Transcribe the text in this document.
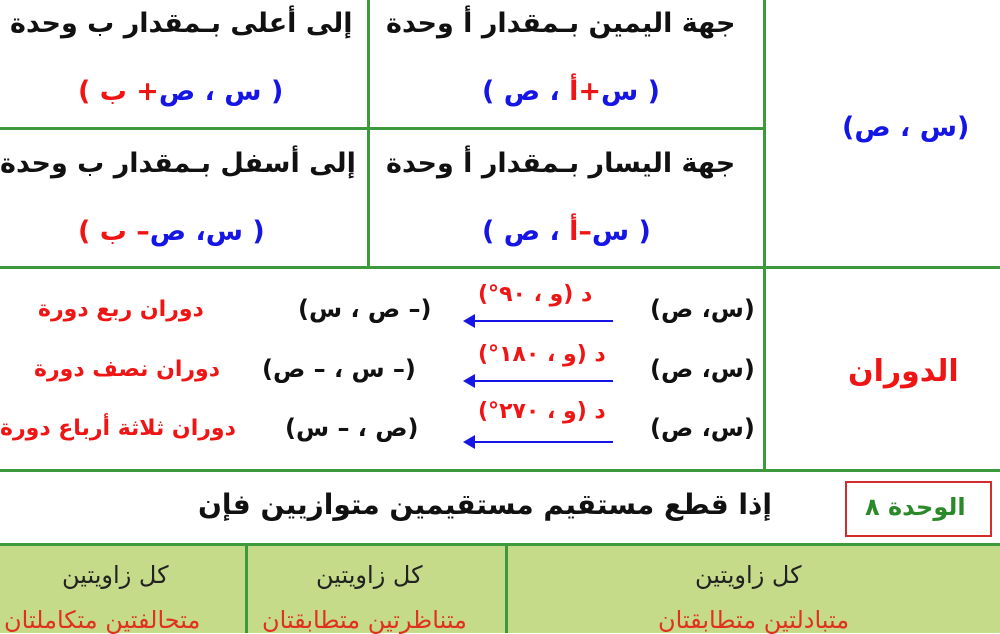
(س ، ص)
جهة اليمين بـمقدار أ وحدة
( س+أ ، ص )
إلى أعلى بـمقدار ب وحدة
( س ، ص+ ب )
جهة اليسار بـمقدار أ وحدة
( س–أ ، ص )
إلى أسفل بـمقدار ب وحدة
( س، ص– ب )
الدوران
(س، ص)
د (و ، ٩٠°)
(– ص ، س)
دوران ربع دورة
(س، ص)
د (و ، ١٨٠°)
(– س ، – ص)
دوران نصف دورة
(س، ص)
د (و ، ٢٧٠°)
(ص ، – س)
دوران ثلاثة أرباع دورة
الوحدة ٨
إذا قطع مستقيم مستقيمين متوازيين فإن
كل زاويتين
متبادلتين متطابقتان
كل زاويتين
متناظرتين متطابقتان
كل زاويتين
متحالفتين متكاملتان
